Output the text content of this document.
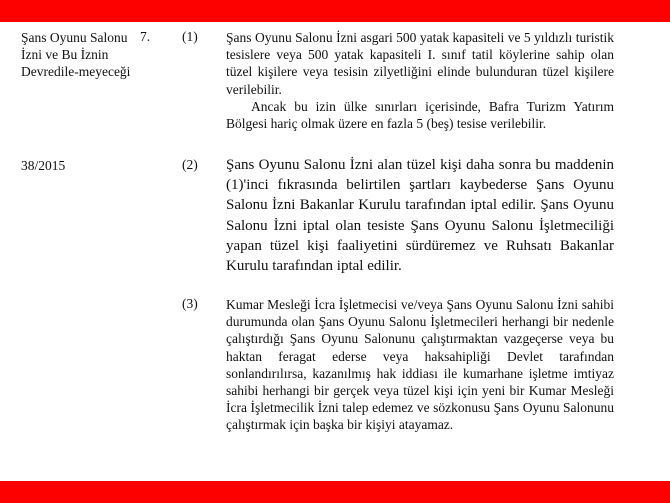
Şans Oyunu Salonu İzni ve Bu İznin Devredile-meyeceği
38/2015
7. (1) Şans Oyunu Salonu İzni asgari 500 yatak kapasiteli ve 5 yıldızlı turistik tesislere veya 500 yatak kapasiteli I. sınıf tatil köylerine sahip olan tüzel kişilere veya tesisin zilyetliğini elinde bulunduran tüzel kişilere verilebilir.

Ancak bu izin ülke sınırları içerisinde, Bafra Turizm Yatırım Bölgesi hariç olmak üzere en fazla 5 (beş) tesise verilebilir.

(2) Şans Oyunu Salonu İzni alan tüzel kişi daha sonra bu maddenin (1)'inci fıkrasında belirtilen şartları kaybederse Şans Oyunu Salonu İzni Bakanlar Kurulu tarafından iptal edilir. Şans Oyunu Salonu İzni iptal olan tesiste Şans Oyunu Salonu İşletmeciliği yapan tüzel kişi faaliyetini sürdüremez ve Ruhsatı Bakanlar Kurulu tarafından iptal edilir.

(3) Kumar Mesleği İcra İşletmecisi ve/veya Şans Oyunu Salonu İzni sahibi durumunda olan Şans Oyunu Salonu İşletmecileri herhangi bir nedenle çalıştırdığı Şans Oyunu Salonunu çalıştırmaktan vazgeçerse veya bu haktan feragat ederse veya haksahipliği Devlet tarafından sonlandırılırsa, kazanılmış hak iddiası ile kumarhane işletme imtiyaz sahibi herhangi bir gerçek veya tüzel kişi için yeni bir Kumar Mesleği İcra İşletmecilik İzni talep edemez ve sözkonusu Şans Oyunu Salonunu çalıştırmak için başka bir kişiyi atayamaz.
